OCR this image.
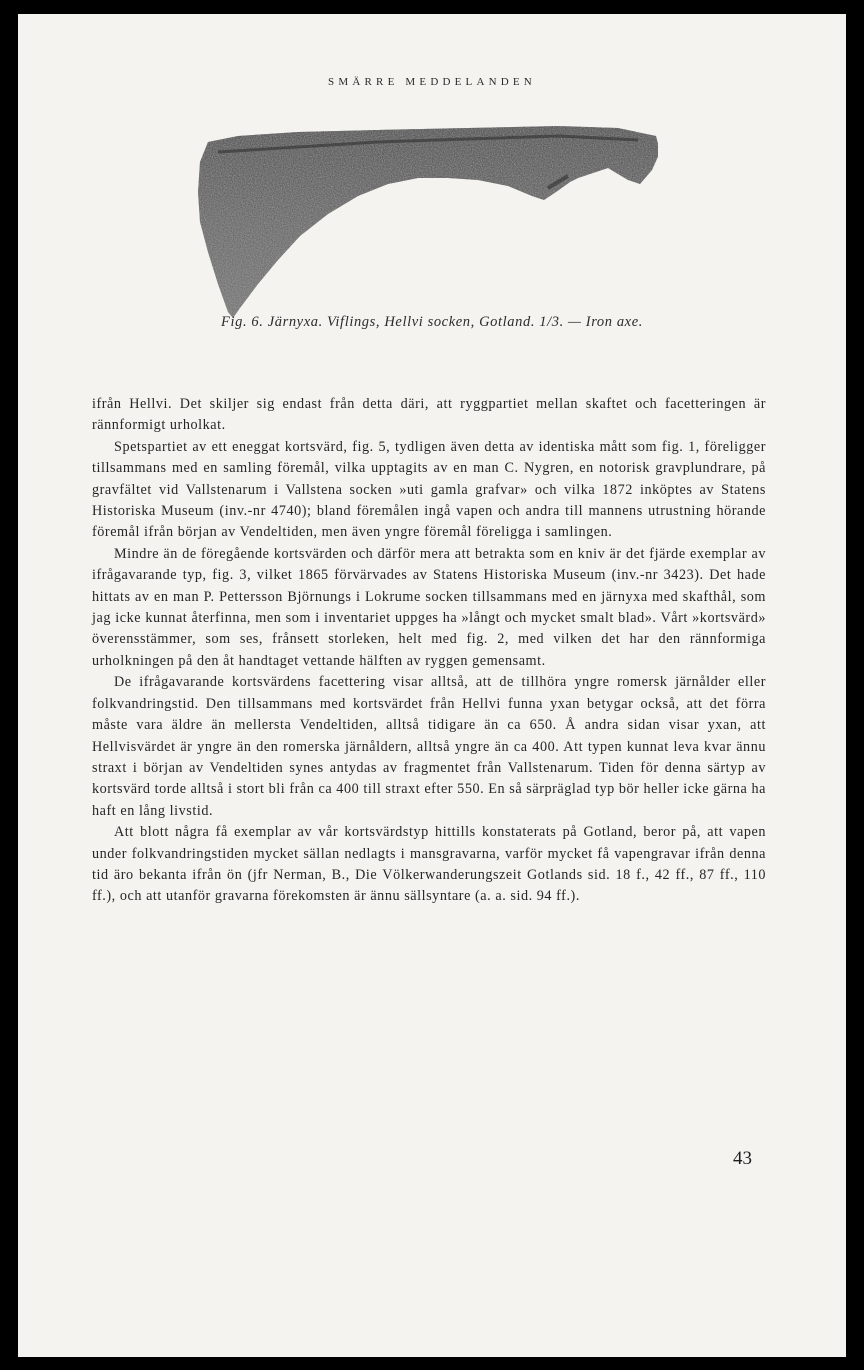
SMÄRRE MEDDELANDEN
Fig. 6. Järnyxa. Viflings, Hellvi socken, Gotland. 1/3. — Iron axe.

ifrån Hellvi. Det skiljer sig endast från detta däri, att ryggpartiet mellan skaftet och facetteringen är rännformigt urholkat.

Spetspartiet av ett eneggat kortsvärd, fig. 5, tydligen även detta av identiska mått som fig. 1, föreligger tillsammans med en samling föremål, vilka upptagits av en man C. Nygren, en notorisk gravplundrare, på gravfältet vid Vallstenarum i Vallstena socken »uti gamla grafvar» och vilka 1872 inköptes av Statens Historiska Museum (inv.-nr 4740); bland föremålen ingå vapen och andra till mannens utrustning hörande föremål ifrån början av Vendeltiden, men även yngre föremål föreligga i samlingen.

Mindre än de föregående kortsvärden och därför mera att betrakta som en kniv är det fjärde exemplar av ifrågavarande typ, fig. 3, vilket 1865 förvärvades av Statens Historiska Museum (inv.-nr 3423). Det hade hittats av en man P. Pettersson Björnungs i Lokrume socken tillsammans med en järnyxa med skafthål, som jag icke kunnat återfinna, men som i inventariet uppges ha »långt och mycket smalt blad». Vårt »kortsvärd» överensstämmer, som ses, frånsett storleken, helt med fig. 2, med vilken det har den rännformiga urholkningen på den åt handtaget vettande hälften av ryggen gemensamt.

De ifrågavarande kortsvärdens facettering visar alltså, att de tillhöra yngre romersk järnålder eller folkvandringstid. Den tillsammans med kortsvärdet från Hellvi funna yxan betygar också, att det förra måste vara äldre än mellersta Vendeltiden, alltså tidigare än ca 650. Å andra sidan visar yxan, att Hellvisvärdet är yngre än den romerska järnåldern, alltså yngre än ca 400. Att typen kunnat leva kvar ännu straxt i början av Vendeltiden synes antydas av fragmentet från Vallstenarum. Tiden för denna särtyp av kortsvärd torde alltså i stort bli från ca 400 till straxt efter 550. En så särpräglad typ bör heller icke gärna ha haft en lång livstid.

Att blott några få exemplar av vår kortsvärdstyp hittills konstaterats på Gotland, beror på, att vapen under folkvandringstiden mycket sällan nedlagts i mansgravarna, varför mycket få vapengravar ifrån denna tid äro bekanta ifrån ön (jfr Nerman, B., Die Völkerwanderungszeit Gotlands sid. 18 f., 42 ff., 87 ff., 110 ff.), och att utanför gravarna förekomsten är ännu sällsyntare (a. a. sid. 94 ff.).

43
